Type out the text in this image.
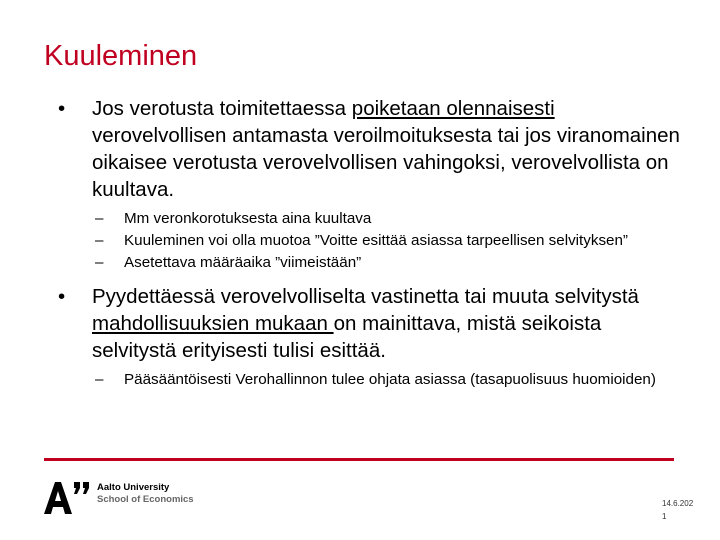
Kuuleminen

• Jos verotusta toimitettaessa poiketaan olennaisesti verovelvollisen antamasta veroilmoituksesta tai jos viranomainen oikaisee verotusta verovelvollisen vahingoksi, verovelvollista on kuultava.

– Mm veronkorotuksesta aina kuultava

– Kuuleminen voi olla muotoa ”Voitte esittää asiassa tarpeellisen selvityksen”

– Asetettava määräaika ”viimeistään”

• Pyydettäessä verovelvolliselta vastinetta tai muuta selvitystä mahdollisuuksien mukaan on mainittava, mistä seikoista selvitystä erityisesti tulisi esittää.

– Pääsääntöisesti Verohallinnon tulee ohjata asiassa (tasapuolisuus huomioiden)

Aalto University
School of Economics	14.6.202
1
